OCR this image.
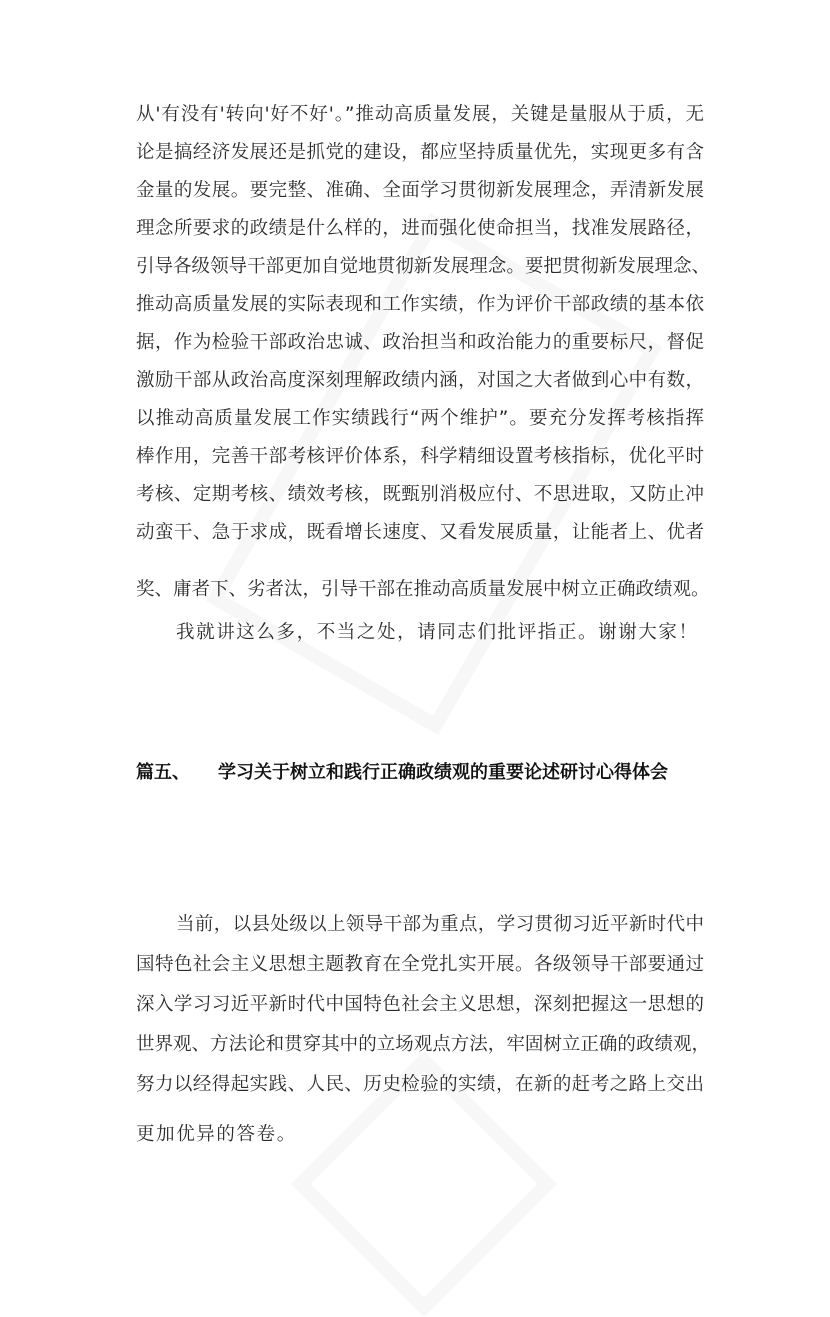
从'有没有'转向'好不好'。”推动高质量发展，关键是量服从于质，无
论是搞经济发展还是抓党的建设，都应坚持质量优先，实现更多有含
金量的发展。要完整、准确、全面学习贯彻新发展理念，弄清新发展
理念所要求的政绩是什么样的，进而强化使命担当，找准发展路径，
引导各级领导干部更加自觉地贯彻新发展理念。要把贯彻新发展理念、
推动高质量发展的实际表现和工作实绩，作为评价干部政绩的基本依
据，作为检验干部政治忠诚、政治担当和政治能力的重要标尺，督促
激励干部从政治高度深刻理解政绩内涵，对国之大者做到心中有数，
以推动高质量发展工作实绩践行“两个维护”。要充分发挥考核指挥
棒作用，完善干部考核评价体系，科学精细设置考核指标，优化平时
考核、定期考核、绩效考核，既甄别消极应付、不思进取，又防止冲
动蛮干、急于求成，既看增长速度、又看发展质量，让能者上、优者
奖、庸者下、劣者汰，引导干部在推动高质量发展中树立正确政绩观。
我就讲这么多，不当之处，请同志们批评指正。谢谢大家！
篇五、 学习关于树立和践行正确政绩观的重要论述研讨心得体会
当前，以县处级以上领导干部为重点，学习贯彻习近平新时代中
国特色社会主义思想主题教育在全党扎实开展。各级领导干部要通过
深入学习习近平新时代中国特色社会主义思想，深刻把握这一思想的
世界观、方法论和贯穿其中的立场观点方法，牢固树立正确的政绩观，
努力以经得起实践、人民、历史检验的实绩，在新的赶考之路上交出
更加优异的答卷。
